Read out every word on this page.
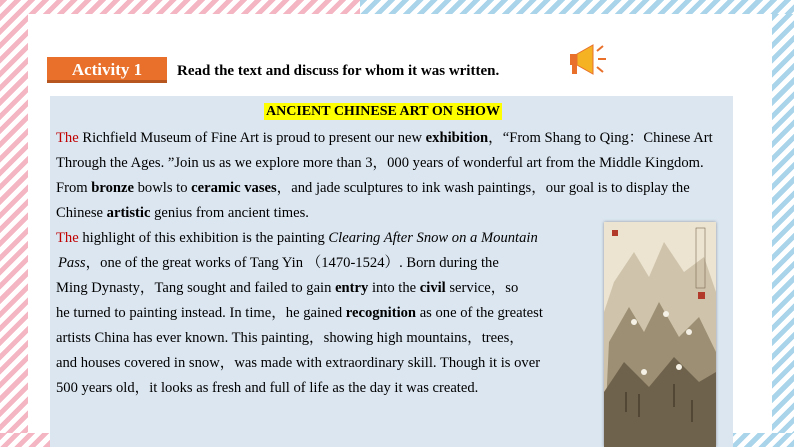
Activity 1	Read the text and discuss for whom it was written.
ANCIENT CHINESE ART ON SHOW
The Richfield Museum of Fine Art is proud to present our new exhibition，“From Shang to Qing：Chinese Art
Through the Ages. ”Join us as we explore more than 3，000 years of wonderful art from the Middle Kingdom.
From bronze bowls to ceramic vases，and jade sculptures to ink wash paintings，our goal is to display the
Chinese artistic genius from ancient times.
The highlight of this exhibition is the painting Clearing After Snow on a Mountain
Pass，one of the great works of Tang Yin （1470-1524）. Born during the
Ming Dynasty，Tang sought and failed to gain entry into the civil service，so
he turned to painting instead. In time，he gained recognition as one of the greatest
artists China has ever known. This painting，showing high mountains，trees，
and houses covered in snow，was made with extraordinary skill. Though it is over
500 years old，it looks as fresh and full of life as the day it was created.
